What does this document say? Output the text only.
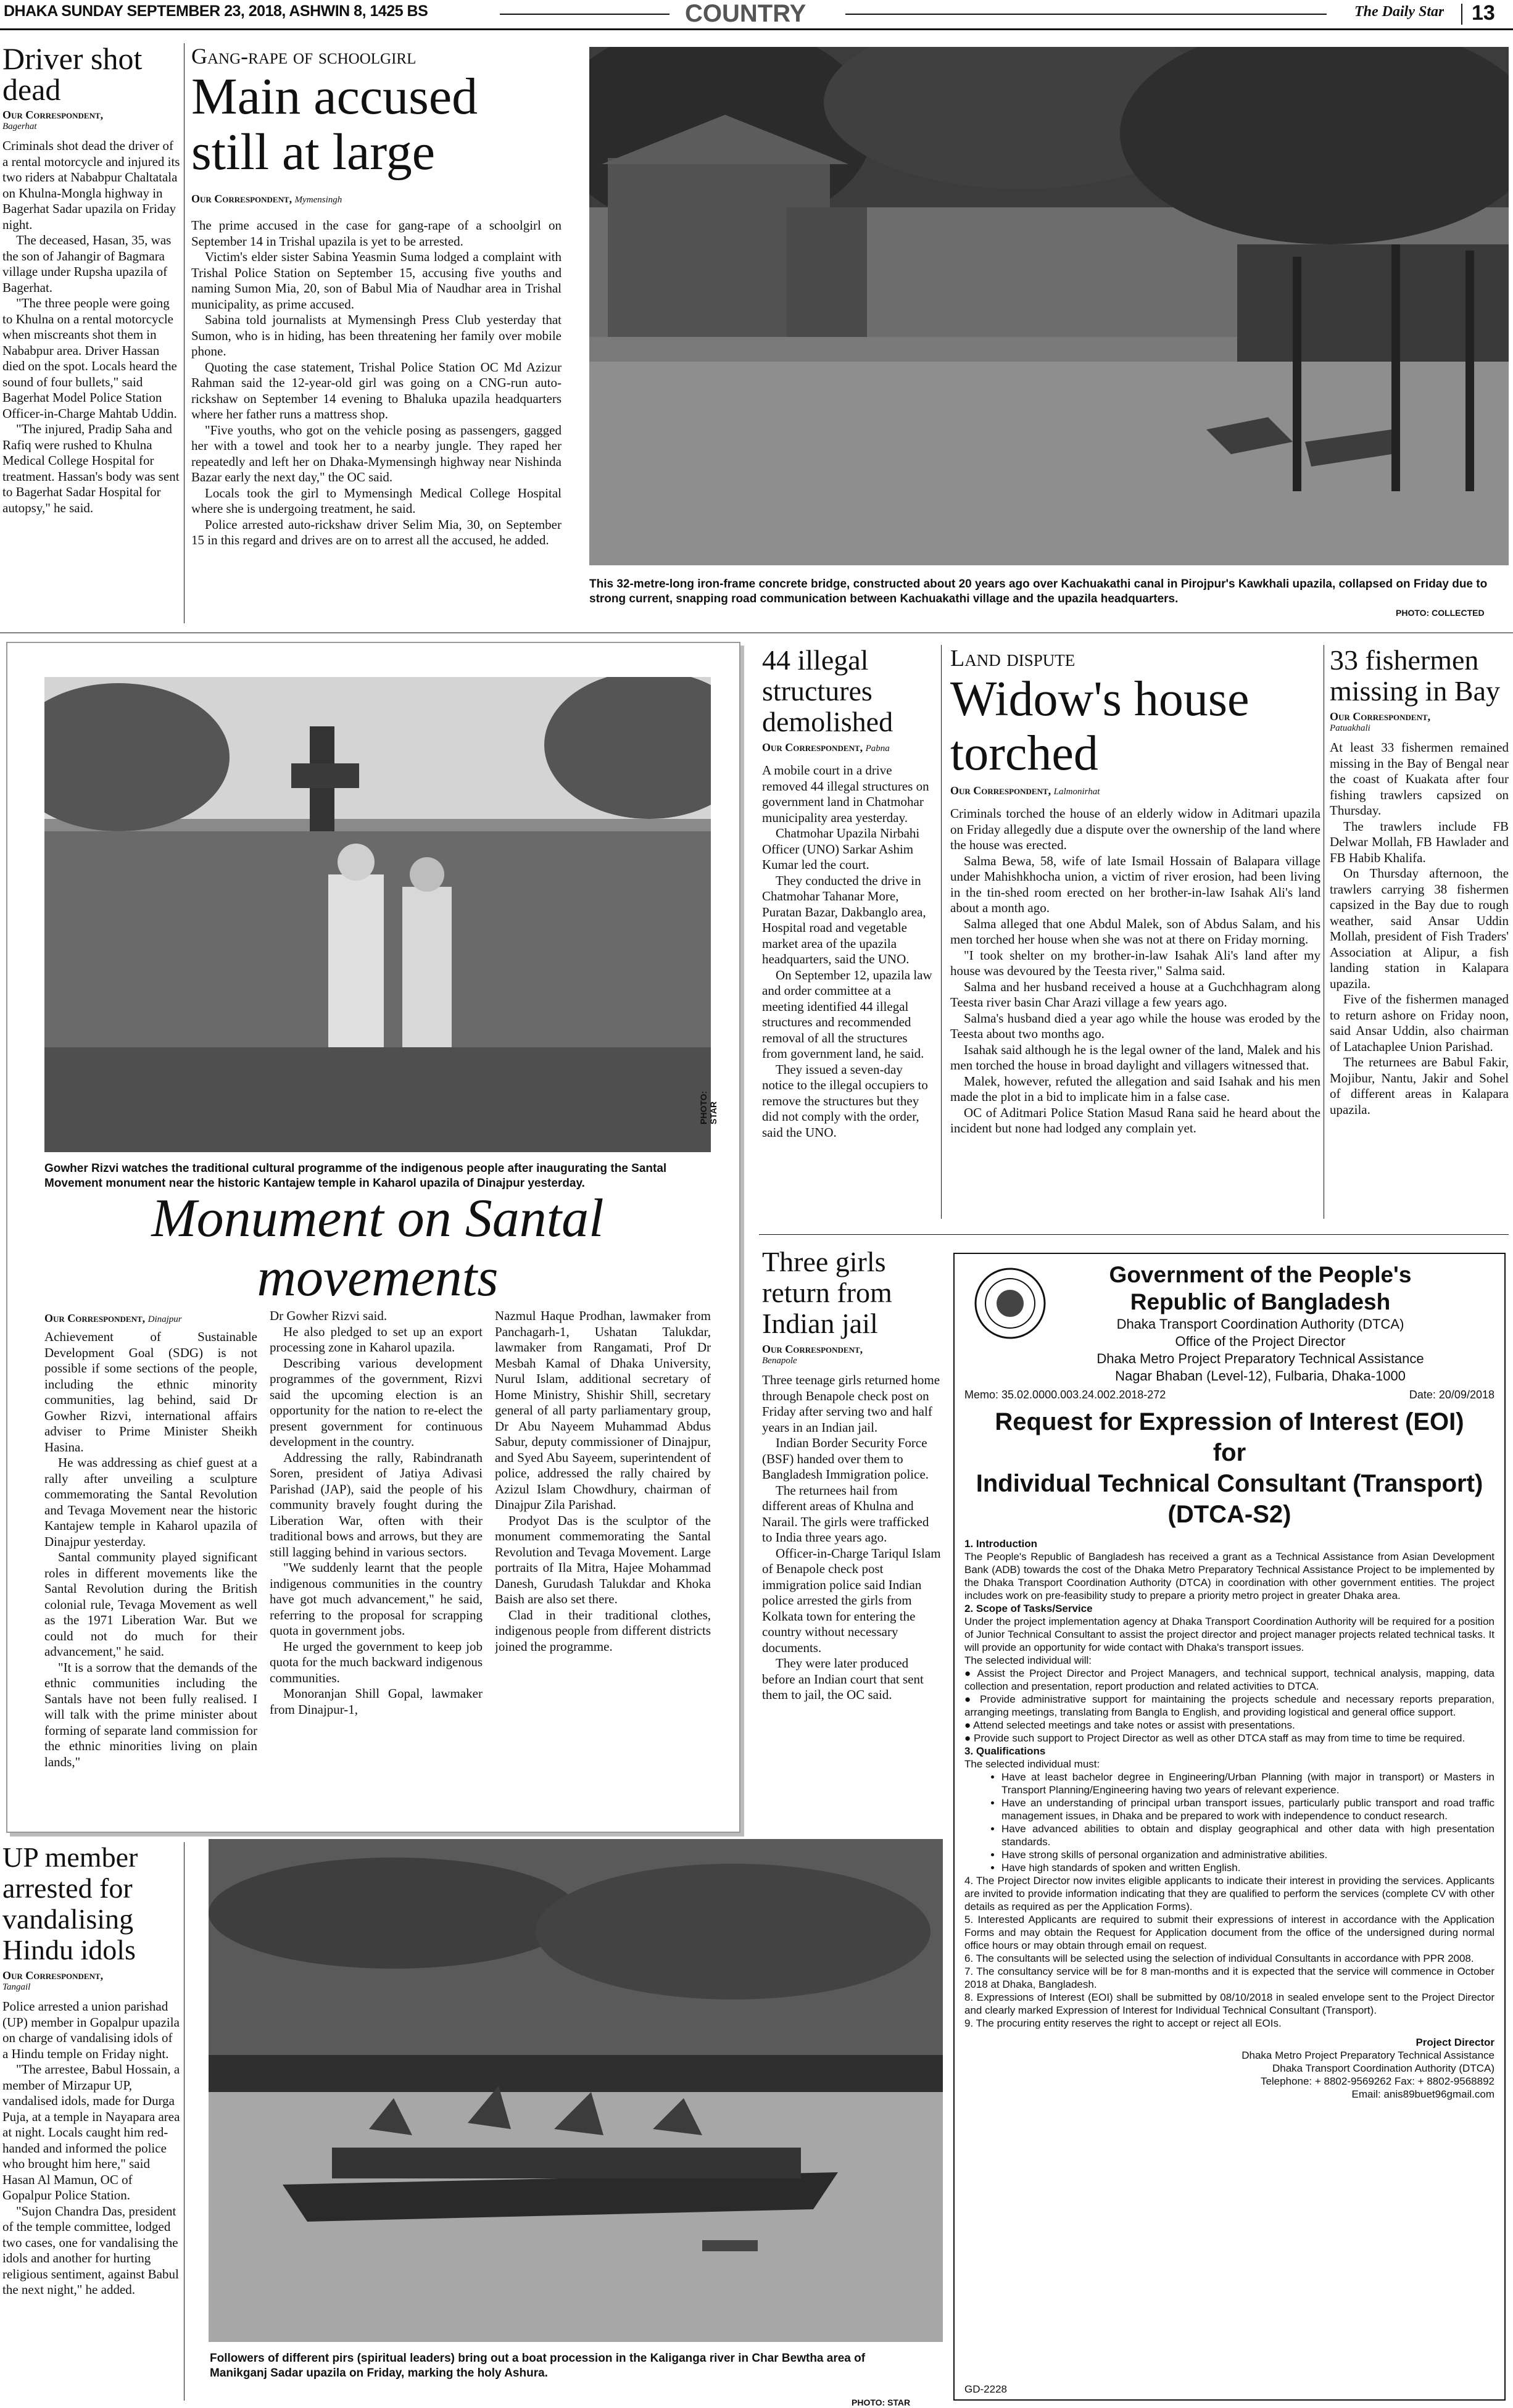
DHAKA SUNDAY SEPTEMBER 23, 2018, ASHWIN 8, 1425 BS	COUNTRY	The Daily Star 13
Driver shot dead
Our Correspondent,
Bagerhat

Criminals shot dead the driver of a rental motorcycle and injured its two riders at Nababpur Chaltatala on Khulna-Mongla highway in Bagerhat Sadar upazila on Friday night.

The deceased, Hasan, 35, was the son of Jahangir of Bagmara village under Rupsha upazila of Bagerhat.

"The three people were going to Khulna on a rental motorcycle when miscreants shot them in Nababpur area. Driver Hassan died on the spot. Locals heard the sound of four bullets," said Bagerhat Model Police Station Officer-in-Charge Mahtab Uddin.

"The injured, Pradip Saha and Rafiq were rushed to Khulna Medical College Hospital for treatment. Hassan's body was sent to Bagerhat Sadar Hospital for autopsy," he said.

Gang-rape of schoolgirl
Main accused still at large
Our Correspondent, Mymensingh

The prime accused in the case for gang-rape of a schoolgirl on September 14 in Trishal upazila is yet to be arrested.

Victim's elder sister Sabina Yeasmin Suma lodged a complaint with Trishal Police Station on September 15, accusing five youths and naming Sumon Mia, 20, son of Babul Mia of Naudhar area in Trishal municipality, as prime accused.

Sabina told journalists at Mymensingh Press Club yesterday that Sumon, who is in hiding, has been threatening her family over mobile phone.

Quoting the case statement, Trishal Police Station OC Md Azizur Rahman said the 12-year-old girl was going on a CNG-run auto-rickshaw on September 14 evening to Bhaluka upazila headquarters where her father runs a mattress shop.

"Five youths, who got on the vehicle posing as passengers, gagged her with a towel and took her to a nearby jungle. They raped her repeatedly and left her on Dhaka-Mymensingh highway near Nishinda Bazar early the next day," the OC said.

Locals took the girl to Mymensingh Medical College Hospital where she is undergoing treatment, he said.

Police arrested auto-rickshaw driver Selim Mia, 30, on September 15 in this regard and drives are on to arrest all the accused, he added.

This 32-metre-long iron-frame concrete bridge, constructed about 20 years ago over Kachuakathi canal in Pirojpur's Kawkhali upazila, collapsed on Friday due to strong current, snapping road communication between Kachuakathi village and the upazila headquarters.
PHOTO: COLLECTED
PHOTO: STAR
Gowher Rizvi watches the traditional cultural programme of the indigenous people after inaugurating the Santal Movement monument near the historic Kantajew temple in Kaharol upazila of Dinajpur yesterday.
Monument on Santal movements
Our Correspondent, Dinajpur

Achievement of Sustainable Development Goal (SDG) is not possible if some sections of the people, including the ethnic minority communities, lag behind, said Dr Gowher Rizvi, international affairs adviser to Prime Minister Sheikh Hasina.

He was addressing as chief guest at a rally after unveiling a sculpture commemorating the Santal Revolution and Tevaga Movement near the historic Kantajew temple in Kaharol upazila of Dinajpur yesterday.

Santal community played significant roles in different movements like the Santal Revolution during the British colonial rule, Tevaga Movement as well as the 1971 Liberation War. But we could not do much for their advancement," he said.

"It is a sorrow that the demands of the ethnic communities including the Santals have not been fully realised. I will talk with the prime minister about forming of separate land commission for the ethnic minorities living on plain lands,"

Dr Gowher Rizvi said.

He also pledged to set up an export processing zone in Kaharol upazila.

Describing various development programmes of the government, Rizvi said the upcoming election is an opportunity for the nation to re-elect the present government for continuous development in the country.

Addressing the rally, Rabindranath Soren, president of Jatiya Adivasi Parishad (JAP), said the people of his community bravely fought during the Liberation War, often with their traditional bows and arrows, but they are still lagging behind in various sectors.

"We suddenly learnt that the people indigenous communities in the country have got much advancement," he said, referring to the proposal for scrapping quota in government jobs.

He urged the government to keep job quota for the much backward indigenous communities.

Monoranjan Shill Gopal, lawmaker from Dinajpur-1,

Nazmul Haque Prodhan, lawmaker from Panchagarh-1, Ushatan Talukdar, lawmaker from Rangamati, Prof Dr Mesbah Kamal of Dhaka University, Nurul Islam, additional secretary of Home Ministry, Shishir Shill, secretary general of all party parliamentary group, Dr Abu Nayeem Muhammad Abdus Sabur, deputy commissioner of Dinajpur, and Syed Abu Sayeem, superintendent of police, addressed the rally chaired by Azizul Islam Chowdhury, chairman of Dinajpur Zila Parishad.

Prodyot Das is the sculptor of the monument commemorating the Santal Revolution and Tevaga Movement. Large portraits of Ila Mitra, Hajee Mohammad Danesh, Gurudash Talukdar and Khoka Baish are also set there.

Clad in their traditional clothes, indigenous people from different districts joined the programme.

44 illegal structures demolished
Our Correspondent, Pabna

A mobile court in a drive removed 44 illegal structures on government land in Chatmohar municipality area yesterday.

Chatmohar Upazila Nirbahi Officer (UNO) Sarkar Ashim Kumar led the court.

They conducted the drive in Chatmohar Tahanar More, Puratan Bazar, Dakbanglo area, Hospital road and vegetable market area of the upazila headquarters, said the UNO.

On September 12, upazila law and order committee at a meeting identified 44 illegal structures and recommended removal of all the structures from government land, he said.

They issued a seven-day notice to the illegal occupiers to remove the structures but they did not comply with the order, said the UNO.

Land dispute
Widow's house torched
Our Correspondent, Lalmonirhat

Criminals torched the house of an elderly widow in Aditmari upazila on Friday allegedly due a dispute over the ownership of the land where the house was erected.

Salma Bewa, 58, wife of late Ismail Hossain of Balapara village under Mahishkhocha union, a victim of river erosion, had been living in the tin-shed room erected on her brother-in-law Isahak Ali's land about a month ago.

Salma alleged that one Abdul Malek, son of Abdus Salam, and his men torched her house when she was not at there on Friday morning.

"I took shelter on my brother-in-law Isahak Ali's land after my house was devoured by the Teesta river," Salma said.

Salma and her husband received a house at a Guchchhagram along Teesta river basin Char Arazi village a few years ago.

Salma's husband died a year ago while the house was eroded by the Teesta about two months ago.

Isahak said although he is the legal owner of the land, Malek and his men torched the house in broad daylight and villagers witnessed that.

Malek, however, refuted the allegation and said Isahak and his men made the plot in a bid to implicate him in a false case.

OC of Aditmari Police Station Masud Rana said he heard about the incident but none had lodged any complain yet.

33 fishermen missing in Bay
Our Correspondent,
Patuakhali

At least 33 fishermen remained missing in the Bay of Bengal near the coast of Kuakata after four fishing trawlers capsized on Thursday.

The trawlers include FB Delwar Mollah, FB Hawlader and FB Habib Khalifa.

On Thursday afternoon, the trawlers carrying 38 fishermen capsized in the Bay due to rough weather, said Ansar Uddin Mollah, president of Fish Traders' Association at Alipur, a fish landing station in Kalapara upazila.

Five of the fishermen managed to return ashore on Friday noon, said Ansar Uddin, also chairman of Latachaplee Union Parishad.

The returnees are Babul Fakir, Mojibur, Nantu, Jakir and Sohel of different areas in Kalapara upazila.

Three girls return from Indian jail
Our Correspondent,
Benapole

Three teenage girls returned home through Benapole check post on Friday after serving two and half years in an Indian jail.

Indian Border Security Force (BSF) handed over them to Bangladesh Immigration police.

The returnees hail from different areas of Khulna and Narail. The girls were trafficked to India three years ago.

Officer-in-Charge Tariqul Islam of Benapole check post immigration police said Indian police arrested the girls from Kolkata town for entering the country without necessary documents.

They were later produced before an Indian court that sent them to jail, the OC said.

Government of the People's
Republic of Bangladesh
Dhaka Transport Coordination Authority (DTCA)
Office of the Project Director
Dhaka Metro Project Preparatory Technical Assistance
Nagar Bhaban (Level-12), Fulbaria, Dhaka-1000
Memo: 35.02.0000.003.24.002.2018-272	Date: 20/09/2018
Request for Expression of Interest (EOI)
for
Individual Technical Consultant (Transport)
(DTCA-S2)

1. Introduction

The People's Republic of Bangladesh has received a grant as a Technical Assistance from Asian Development Bank (ADB) towards the cost of the Dhaka Metro Preparatory Technical Assistance Project to be implemented by the Dhaka Transport Coordination Authority (DTCA) in coordination with other government entities. The project includes work on pre-feasibility study to prepare a priority metro project in greater Dhaka area.

2. Scope of Tasks/Service

Under the project implementation agency at Dhaka Transport Coordination Authority will be required for a position of Junior Technical Consultant to assist the project director and project manager projects related technical tasks. It will provide an opportunity for wide contact with Dhaka's transport issues.

The selected individual will:

● Assist the Project Director and Project Managers, and technical support, technical analysis, mapping, data collection and presentation, report production and related activities to DTCA.

● Provide administrative support for maintaining the projects schedule and necessary reports preparation, arranging meetings, translating from Bangla to English, and providing logistical and general office support.

● Attend selected meetings and take notes or assist with presentations.

● Provide such support to Project Director as well as other DTCA staff as may from time to time be required.

3. Qualifications

The selected individual must:

• Have at least bachelor degree in Engineering/Urban Planning (with major in transport) or Masters in Transport Planning/Engineering having two years of relevant experience.
• Have an understanding of principal urban transport issues, particularly public transport and road traffic management issues, in Dhaka and be prepared to work with independence to conduct research.
• Have advanced abilities to obtain and display geographical and other data with high presentation standards.
• Have strong skills of personal organization and administrative abilities.
• Have high standards of spoken and written English.

4. The Project Director now invites eligible applicants to indicate their interest in providing the services. Applicants are invited to provide information indicating that they are qualified to perform the services (complete CV with other details as required as per the Application Forms).

5. Interested Applicants are required to submit their expressions of interest in accordance with the Application Forms and may obtain the Request for Application document from the office of the undersigned during normal office hours or may obtain through email on request.

6. The consultants will be selected using the selection of individual Consultants in accordance with PPR 2008.

7. The consultancy service will be for 8 man-months and it is expected that the service will commence in October 2018 at Dhaka, Bangladesh.

8. Expressions of Interest (EOI) shall be submitted by 08/10/2018 in sealed envelope sent to the Project Director and clearly marked Expression of Interest for Individual Technical Consultant (Transport).

9. The procuring entity reserves the right to accept or reject all EOIs.

Project Director
Dhaka Metro Project Preparatory Technical Assistance
Dhaka Transport Coordination Authority (DTCA)
Telephone: + 8802-9569262 Fax: + 8802-9568892
Email: anis89buet96gmail.com
GD-2228
UP member arrested for vandalising Hindu idols
Our Correspondent,
Tangail

Police arrested a union parishad (UP) member in Gopalpur upazila on charge of vandalising idols of a Hindu temple on Friday night.

"The arrestee, Babul Hossain, a member of Mirzapur UP, vandalised idols, made for Durga Puja, at a temple in Nayapara area at night. Locals caught him red-handed and informed the police who brought him here," said Hasan Al Mamun, OC of Gopalpur Police Station.

"Sujon Chandra Das, president of the temple committee, lodged two cases, one for vandalising the idols and another for hurting religious sentiment, against Babul the next night," he added.

Followers of different pirs (spiritual leaders) bring out a boat procession in the Kaliganga river in Char Bewtha area of Manikganj Sadar upazila on Friday, marking the holy Ashura.
PHOTO: STAR
